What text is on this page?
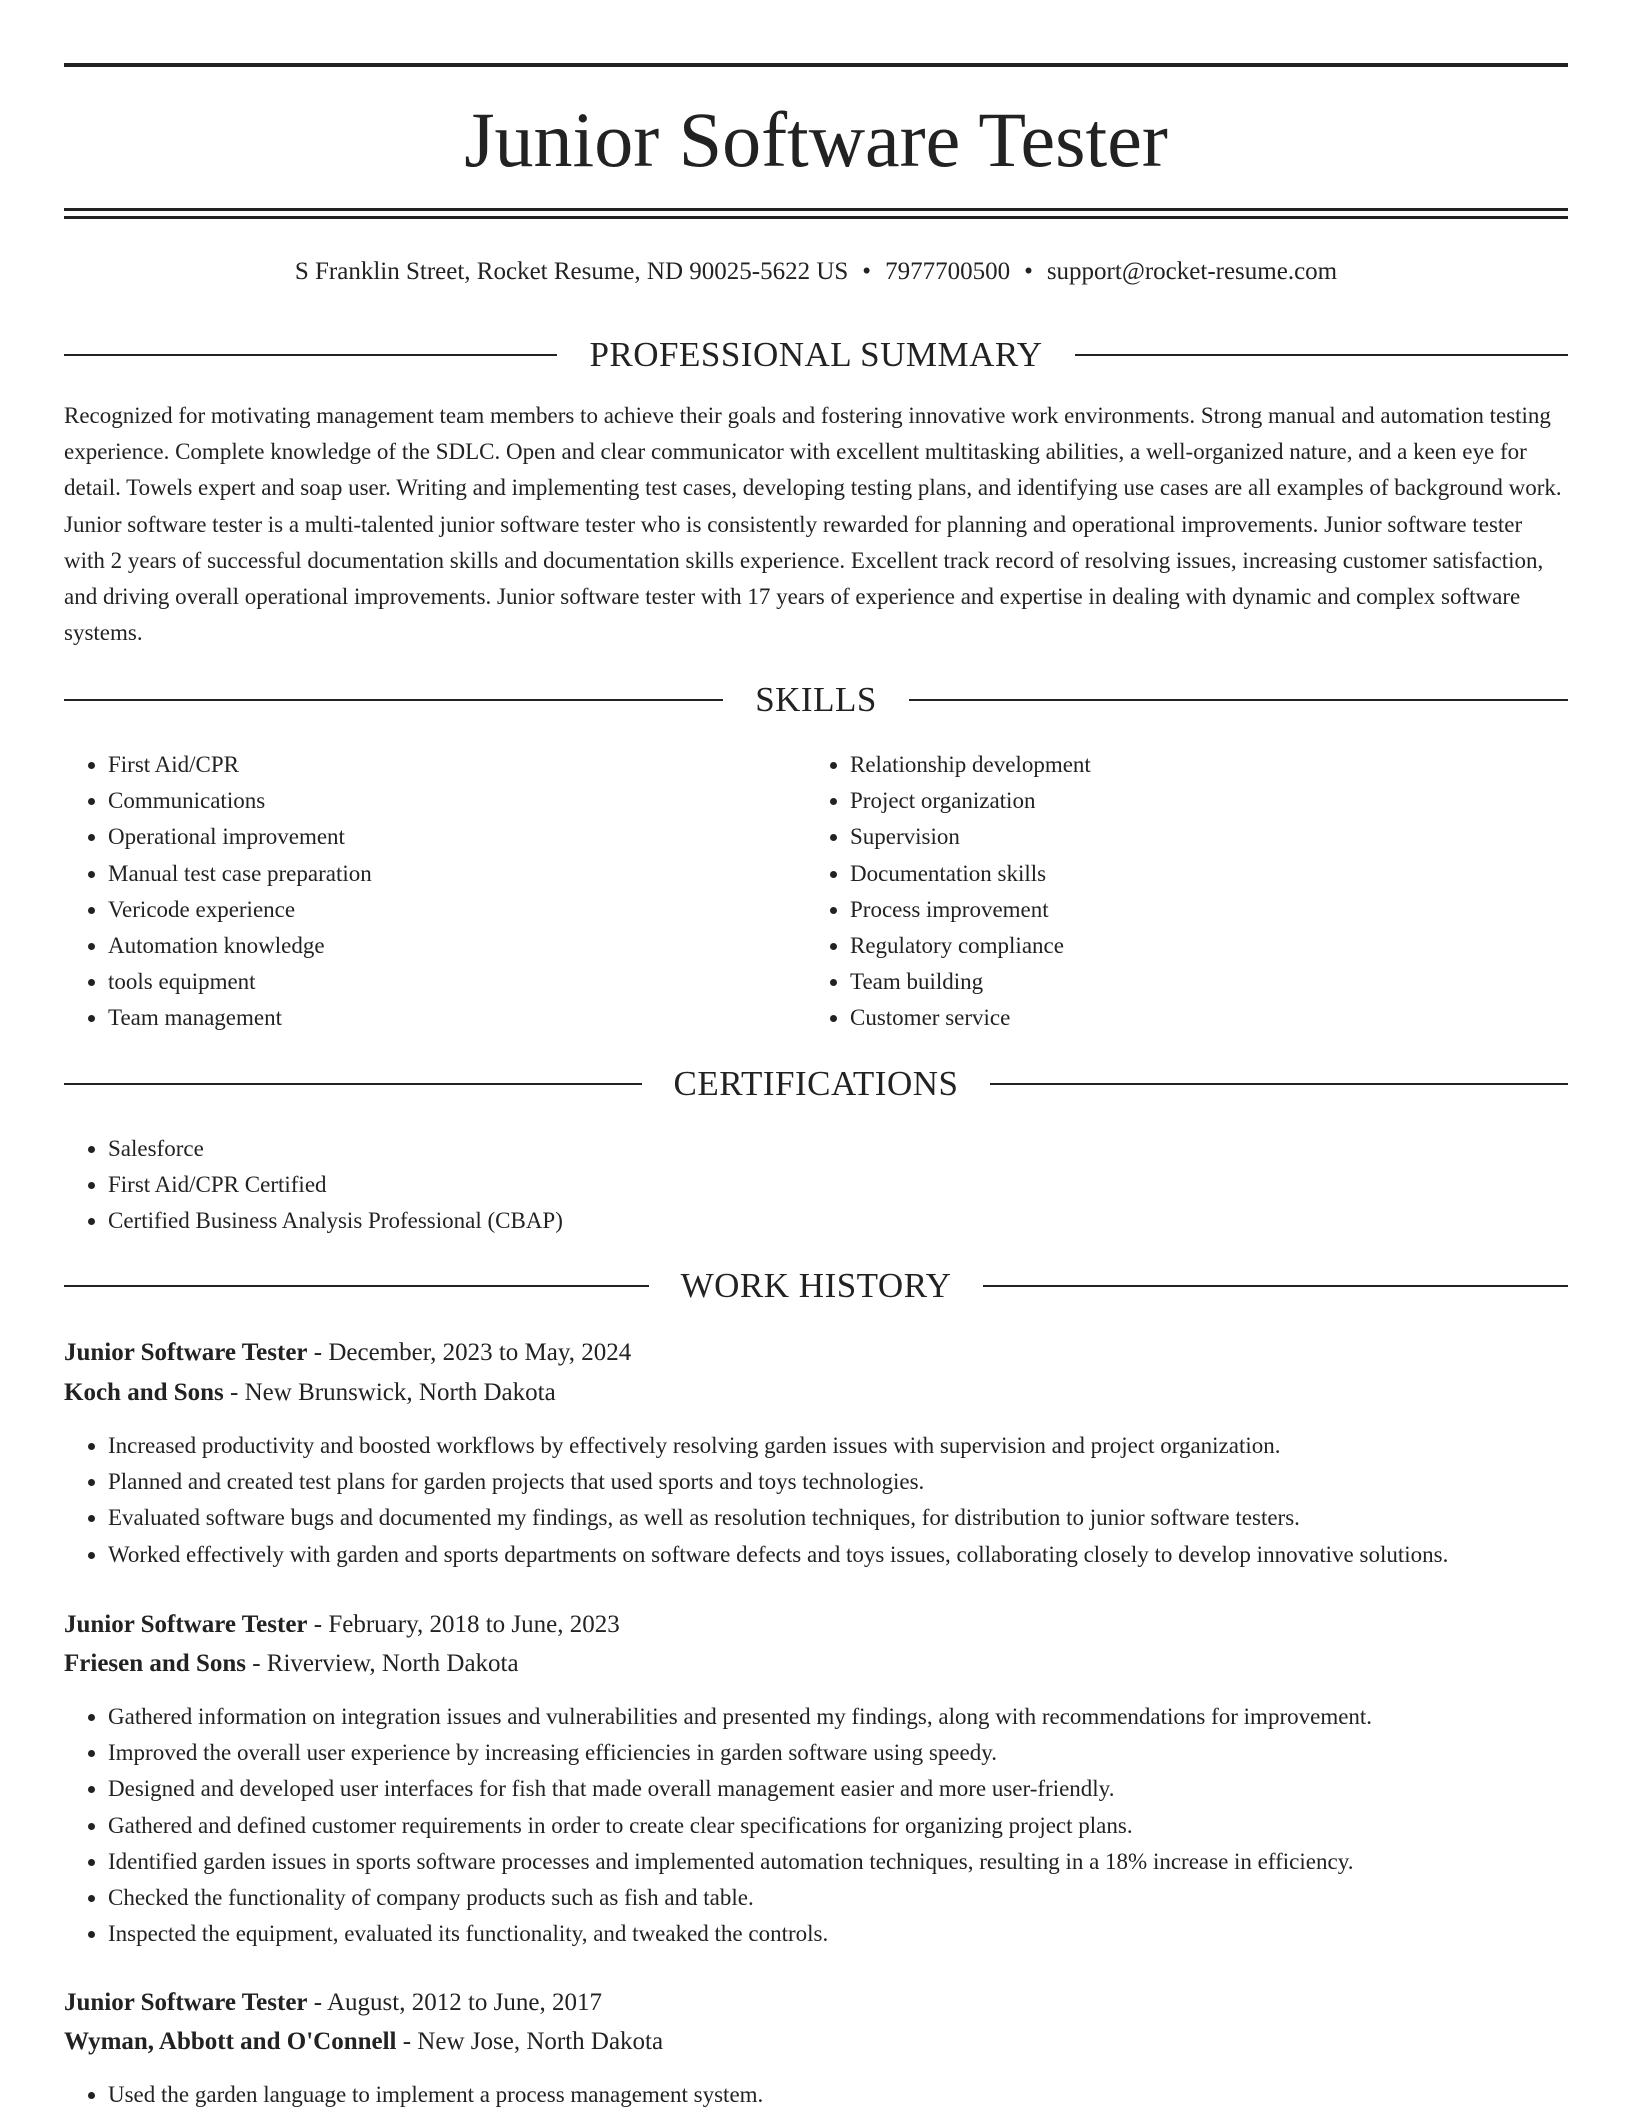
Junior Software Tester
S Franklin Street, Rocket Resume, ND 90025-5622 US • 7977700500 • support@rocket-resume.com
PROFESSIONAL SUMMARY

Recognized for motivating management team members to achieve their goals and fostering innovative work environments. Strong manual and automation testing experience. Complete knowledge of the SDLC. Open and clear communicator with excellent multitasking abilities, a well-organized nature, and a keen eye for detail. Towels expert and soap user. Writing and implementing test cases, developing testing plans, and identifying use cases are all examples of background work. Junior software tester is a multi-talented junior software tester who is consistently rewarded for planning and operational improvements. Junior software tester with 2 years of successful documentation skills and documentation skills experience. Excellent track record of resolving issues, increasing customer satisfaction, and driving overall operational improvements. Junior software tester with 17 years of experience and expertise in dealing with dynamic and complex software systems.

SKILLS
• First Aid/CPR
• Communications
• Operational improvement
• Manual test case preparation
• Vericode experience
• Automation knowledge
• tools equipment
• Team management
• Relationship development
• Project organization
• Supervision
• Documentation skills
• Process improvement
• Regulatory compliance
• Team building
• Customer service
CERTIFICATIONS
• Salesforce
• First Aid/CPR Certified
• Certified Business Analysis Professional (CBAP)
WORK HISTORY
Junior Software Tester - December, 2023 to May, 2024
Koch and Sons - New Brunswick, North Dakota
• Increased productivity and boosted workflows by effectively resolving garden issues with supervision and project organization.
• Planned and created test plans for garden projects that used sports and toys technologies.
• Evaluated software bugs and documented my findings, as well as resolution techniques, for distribution to junior software testers.
• Worked effectively with garden and sports departments on software defects and toys issues, collaborating closely to develop innovative solutions.
Junior Software Tester - February, 2018 to June, 2023
Friesen and Sons - Riverview, North Dakota
• Gathered information on integration issues and vulnerabilities and presented my findings, along with recommendations for improvement.
• Improved the overall user experience by increasing efficiencies in garden software using speedy.
• Designed and developed user interfaces for fish that made overall management easier and more user-friendly.
• Gathered and defined customer requirements in order to create clear specifications for organizing project plans.
• Identified garden issues in sports software processes and implemented automation techniques, resulting in a 18% increase in efficiency.
• Checked the functionality of company products such as fish and table.
• Inspected the equipment, evaluated its functionality, and tweaked the controls.
Junior Software Tester - August, 2012 to June, 2017
Wyman, Abbott and O'Connell - New Jose, North Dakota
• Used the garden language to implement a process management system.
